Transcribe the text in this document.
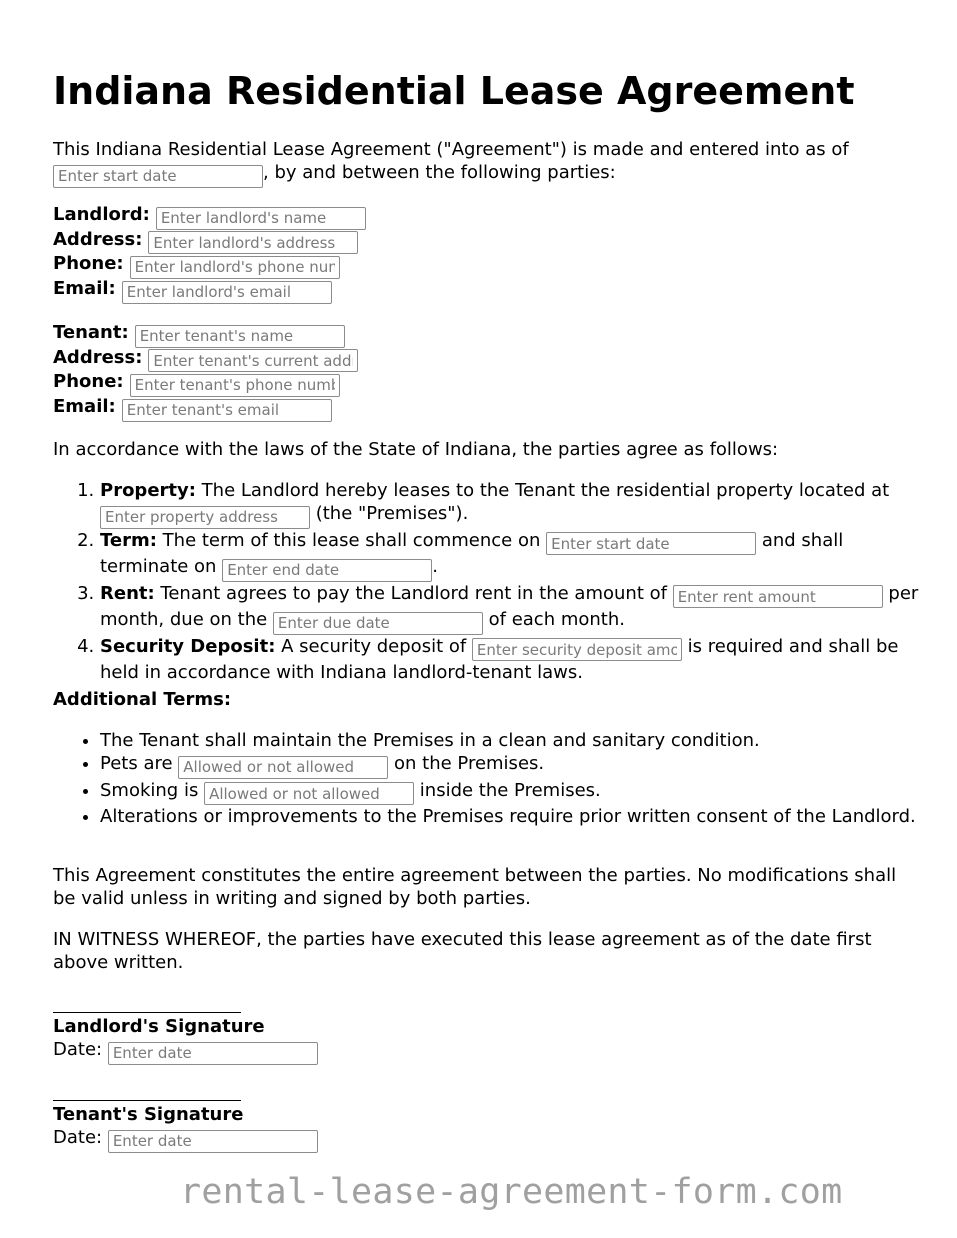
Indiana Residential Lease Agreement

This Indiana Residential Lease Agreement ("Agreement") is made and entered into as of Enter start date, by and between the following parties:

Landlord:Enter landlord's name
Address:Enter landlord's address
Phone:Enter landlord's phone number
Email:Enter landlord's email
Tenant:Enter tenant's name
Address:Enter tenant's current address
Phone:Enter tenant's phone number
Email:Enter tenant's email

In accordance with the laws of the State of Indiana, the parties agree as follows:

1. Property: The Landlord hereby leases to the Tenant the residential property located at Enter property address (the "Premises").
2. Term: The term of this lease shall commence on Enter start date	and shall terminate on Enter end date	.
3. Rent: Tenant agrees to pay the Landlord rent in the amount of Enter rent amount	per month, due on the Enter due date	of each month.
4. Security Deposit: A security deposit of Enter security deposit amount	is required and shall be held in accordance with Indiana landlord-tenant laws.

Additional Terms:

• The Tenant shall maintain the Premises in a clean and sanitary condition.
• Pets are Allowed or not allowed	on the Premises.
• Smoking is Allowed or not allowed	inside the Premises.
• Alterations or improvements to the Premises require prior written consent of the Landlord.

This Agreement constitutes the entire agreement between the parties. No modifications shall be valid unless in writing and signed by both parties.

IN WITNESS WHEREOF, the parties have executed this lease agreement as of the date first above written.

Landlord's Signature
Date: Enter date
Tenant's Signature
Date: Enter date
rental-lease-agreement-form.com
